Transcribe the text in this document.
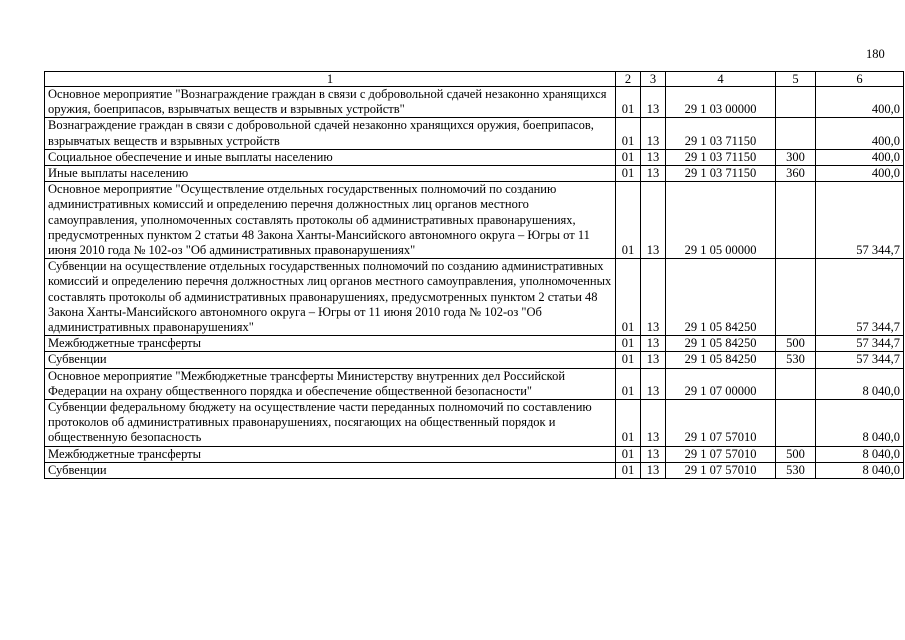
180
1	2	3	4	5	6
Основное мероприятие "Вознаграждение граждан в связи с добровольной сдачей незаконно хранящихся оружия, боеприпасов, взрывчатых веществ и взрывных устройств"	01	13	29 1 03 00000		400,0
Вознаграждение граждан в связи с добровольной сдачей незаконно хранящихся оружия, боеприпасов, взрывчатых веществ и взрывных устройств	01	13	29 1 03 71150		400,0
Социальное обеспечение и иные выплаты населению	01	13	29 1 03 71150	300	400,0
Иные выплаты населению	01	13	29 1 03 71150	360	400,0
Основное мероприятие "Осуществление отдельных государственных полномочий по созданию административных комиссий и определению перечня должностных лиц органов местного самоуправления, уполномоченных составлять протоколы об административных правонарушениях, предусмотренных пунктом 2 статьи 48 Закона Ханты-Мансийского автономного округа – Югры от 11 июня 2010 года № 102-оз "Об административных правонарушениях"	01	13	29 1 05 00000		57 344,7
Субвенции на осуществление отдельных государственных полномочий по созданию административных комиссий и определению перечня должностных лиц органов местного самоуправления, уполномоченных составлять протоколы об административных правонарушениях, предусмотренных пунктом 2 статьи 48 Закона Ханты-Мансийского автономного округа – Югры от 11 июня 2010 года № 102-оз "Об административных правонарушениях"	01	13	29 1 05 84250		57 344,7
Межбюджетные трансферты	01	13	29 1 05 84250	500	57 344,7
Субвенции	01	13	29 1 05 84250	530	57 344,7
Основное мероприятие "Межбюджетные трансферты Министерству внутренних дел Российской Федерации на охрану общественного порядка и обеспечение общественной безопасности"	01	13	29 1 07 00000		8 040,0
Субвенции федеральному бюджету на осуществление части переданных полномочий по составлению протоколов об административных правонарушениях, посягающих на общественный порядок и общественную безопасность	01	13	29 1 07 57010		8 040,0
Межбюджетные трансферты	01	13	29 1 07 57010	500	8 040,0
Субвенции	01	13	29 1 07 57010	530	8 040,0
